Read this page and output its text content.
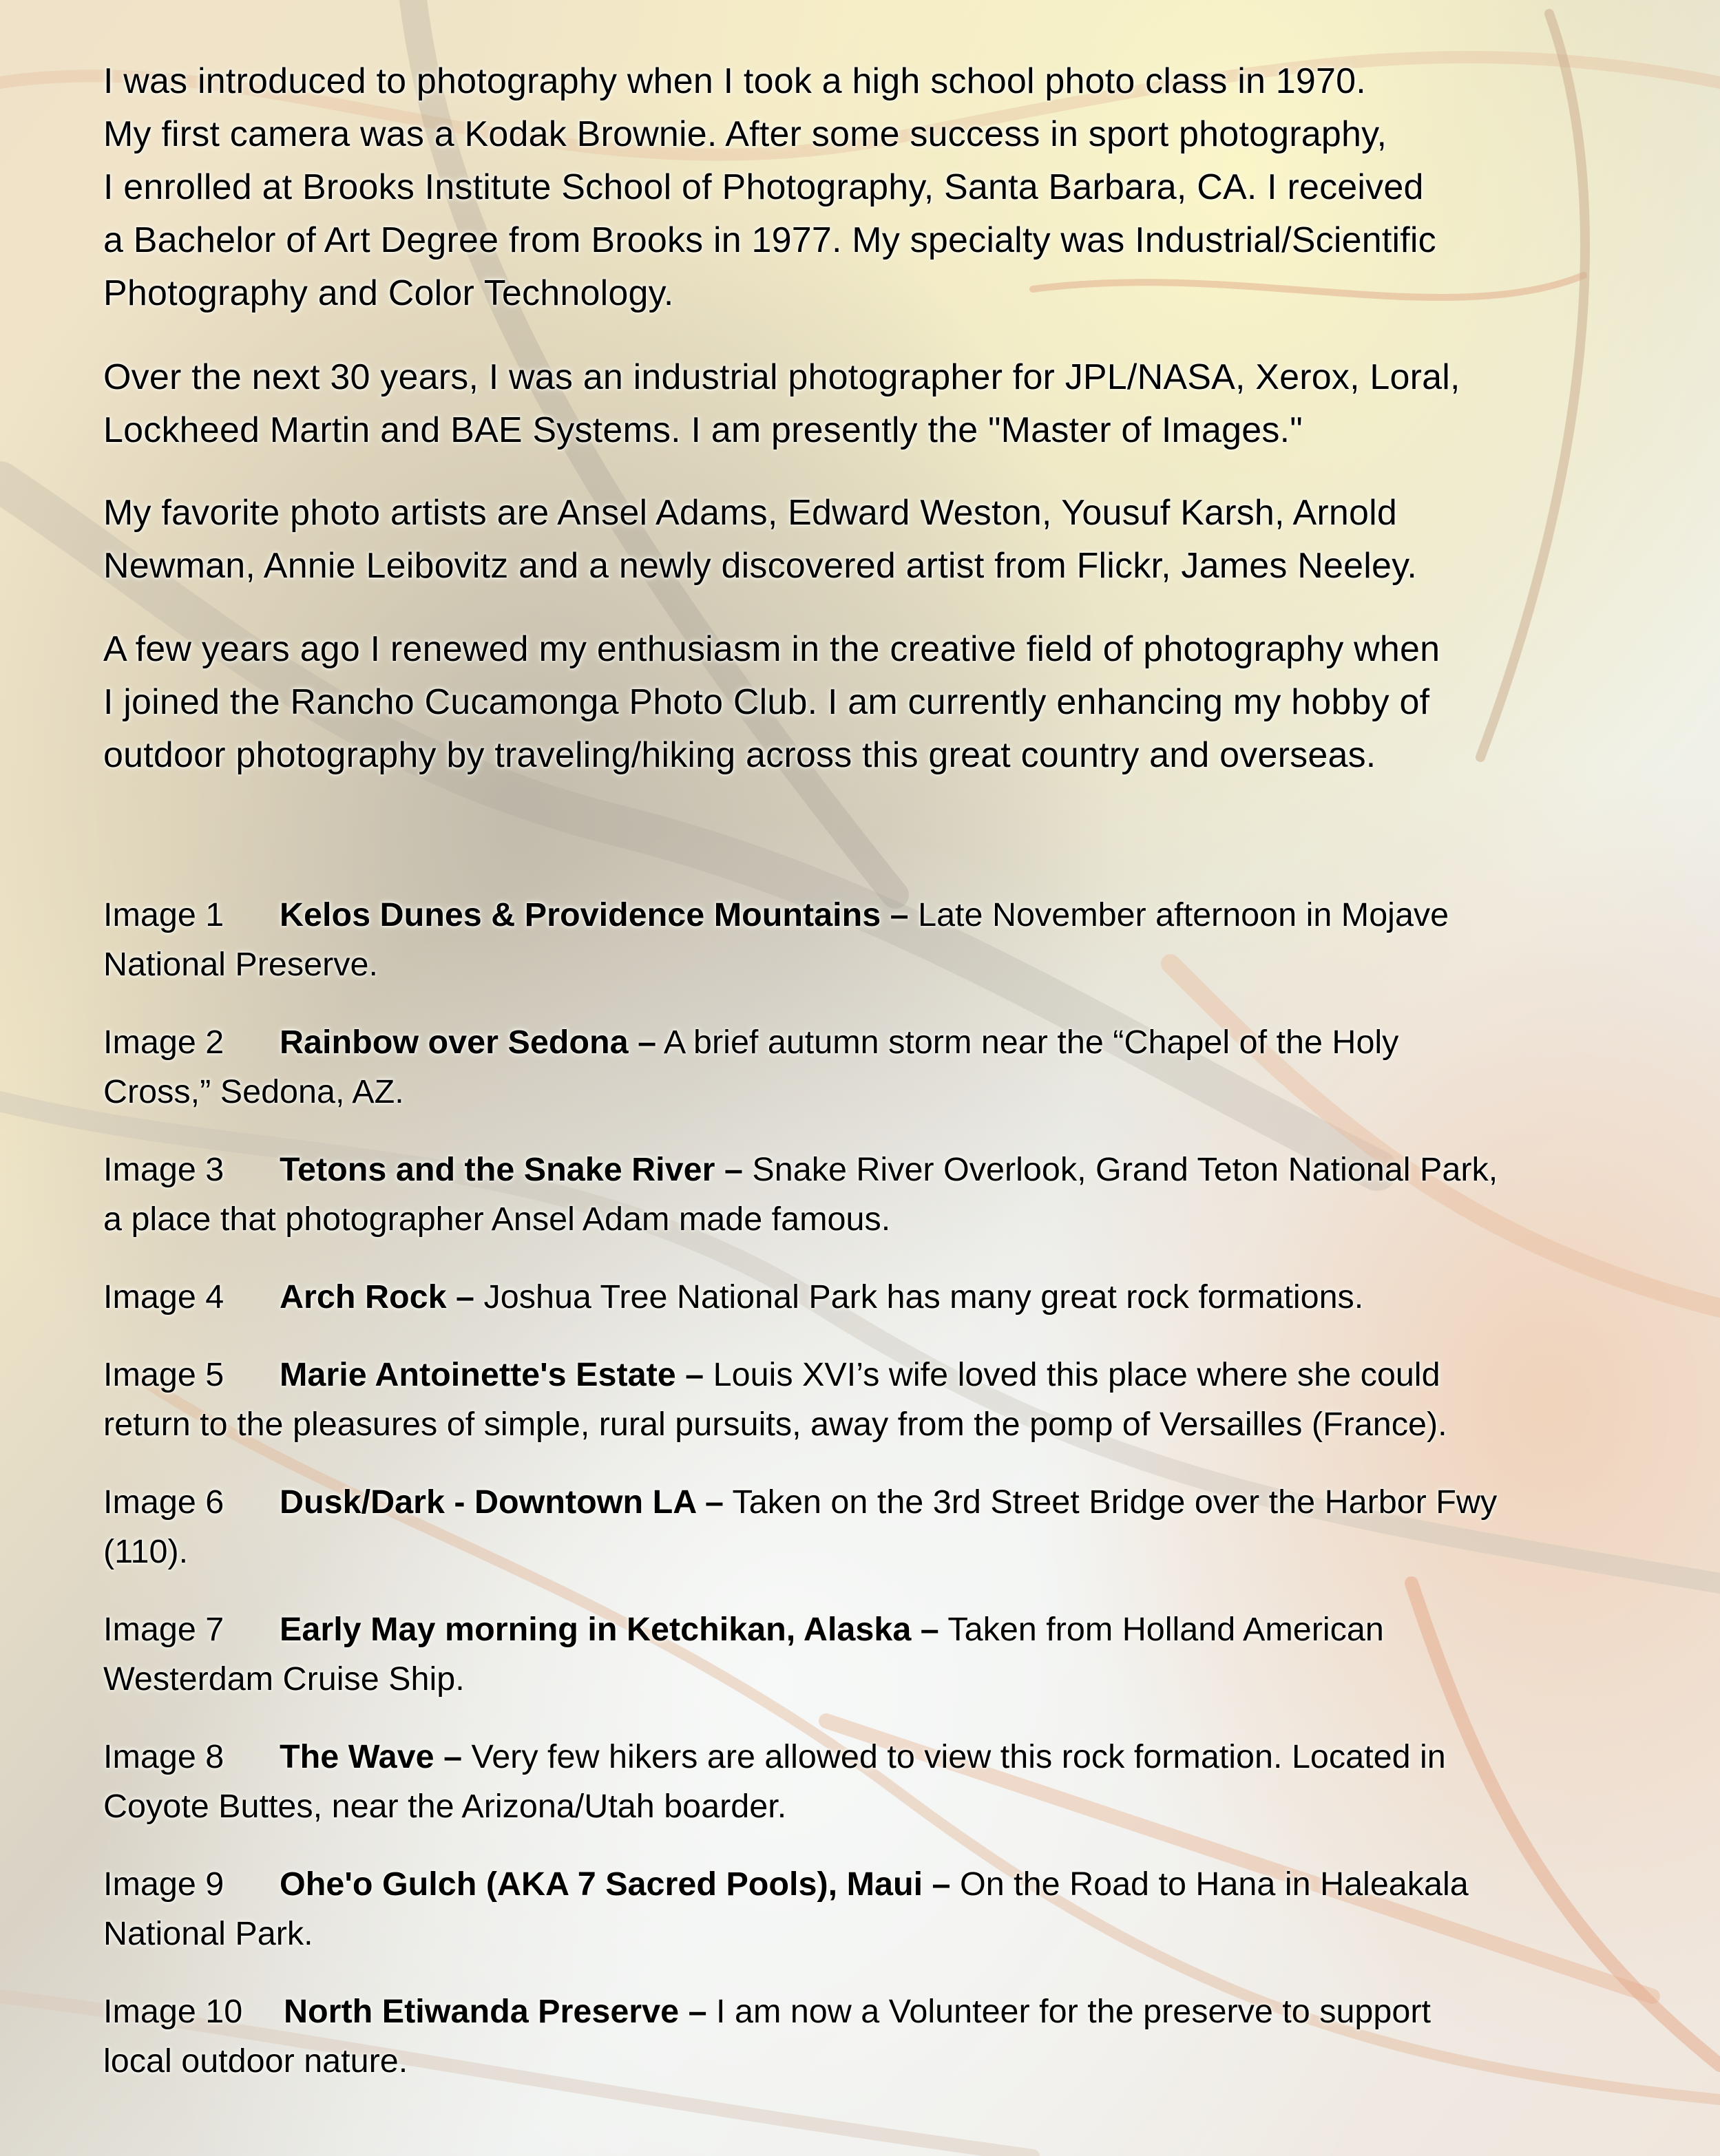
I was introduced to photography when I took a high school photo class in 1970.
My first camera was a Kodak Brownie. After some success in sport photography,
I enrolled at Brooks Institute School of Photography, Santa Barbara, CA. I received
a Bachelor of Art Degree from Brooks in 1977. My specialty was Industrial/Scientific
Photography and Color Technology.

Over the next 30 years, I was an industrial photographer for JPL/NASA, Xerox, Loral,
Lockheed Martin and BAE Systems. I am presently the "Master of Images."

My favorite photo artists are Ansel Adams, Edward Weston, Yousuf Karsh, Arnold
Newman, Annie Leibovitz and a newly discovered artist from Flickr, James Neeley.

A few years ago I renewed my enthusiasm in the creative field of photography when
I joined the Rancho Cucamonga Photo Club. I am currently enhancing my hobby of
outdoor photography by traveling/hiking across this great country and overseas.

Image 1 Kelos Dunes & Providence Mountains – Late November afternoon in Mojave
National Preserve.

Image 2 Rainbow over Sedona – A brief autumn storm near the “Chapel of the Holy
Cross,” Sedona, AZ.

Image 3 Tetons and the Snake River – Snake River Overlook, Grand Teton National Park,
a place that photographer Ansel Adam made famous.

Image 4 Arch Rock – Joshua Tree National Park has many great rock formations.

Image 5 Marie Antoinette's Estate – Louis XVI’s wife loved this place where she could
return to the pleasures of simple, rural pursuits, away from the pomp of Versailles (France).

Image 6 Dusk/Dark - Downtown LA – Taken on the 3rd Street Bridge over the Harbor Fwy
(110).

Image 7 Early May morning in Ketchikan, Alaska – Taken from Holland American
Westerdam Cruise Ship.

Image 8 The Wave – Very few hikers are allowed to view this rock formation. Located in
Coyote Buttes, near the Arizona/Utah boarder.

Image 9 Ohe'o Gulch (AKA 7 Sacred Pools), Maui – On the Road to Hana in Haleakala
National Park.

Image 10 North Etiwanda Preserve – I am now a Volunteer for the preserve to support
local outdoor nature.
